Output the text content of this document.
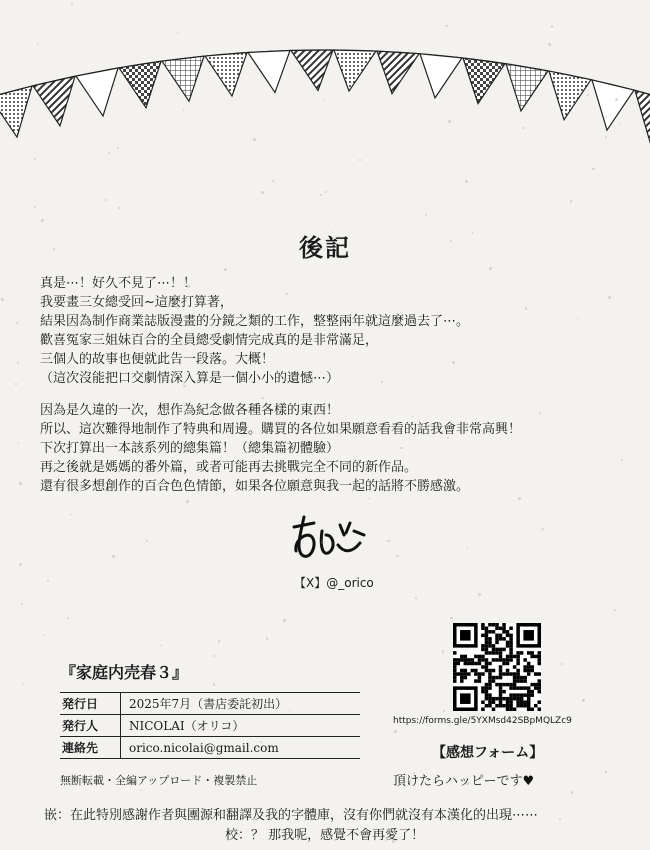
後記
真是⋯！好久不見了⋯！！
我要畫三女總受回~這麼打算著，
結果因為制作商業誌版漫畫的分鏡之類的工作，整整兩年就這麼過去了⋯。
歡喜冤家三姐妹百合的全員總受劇情完成真的是非常滿足，
三個人的故事也便就此告一段落。大概！
（這次沒能把口交劇情深入算是一個小小的遺憾⋯）
因為是久違的一次，想作為紀念做各種各樣的東西！
所以、這次難得地制作了特典和周邊。購買的各位如果願意看看的話我會非常高興！
下次打算出一本該系列的總集篇！（總集篇初體驗）
再之後就是媽媽的番外篇，或者可能再去挑戰完全不同的新作品。
還有很多想創作的百合色色情節，如果各位願意與我一起的話將不勝感激。
【X】@_orico
『家庭内売春３』
発行日	2025年7月（書店委託初出）
発行人	NICOLAI（オリコ）
連絡先	orico.nicolai@gmail.com
無断転載・全編アップロード・複製禁止
https://forms.gle/5YXMsd42SBpMQLZc9
【感想フォーム】
頂けたらハッピーです♥
嵌：在此特別感謝作者與團源和翻譯及我的字體庫，沒有你們就沒有本漢化的出現⋯⋯
校：？ 那我呢，感覺不會再愛了！
